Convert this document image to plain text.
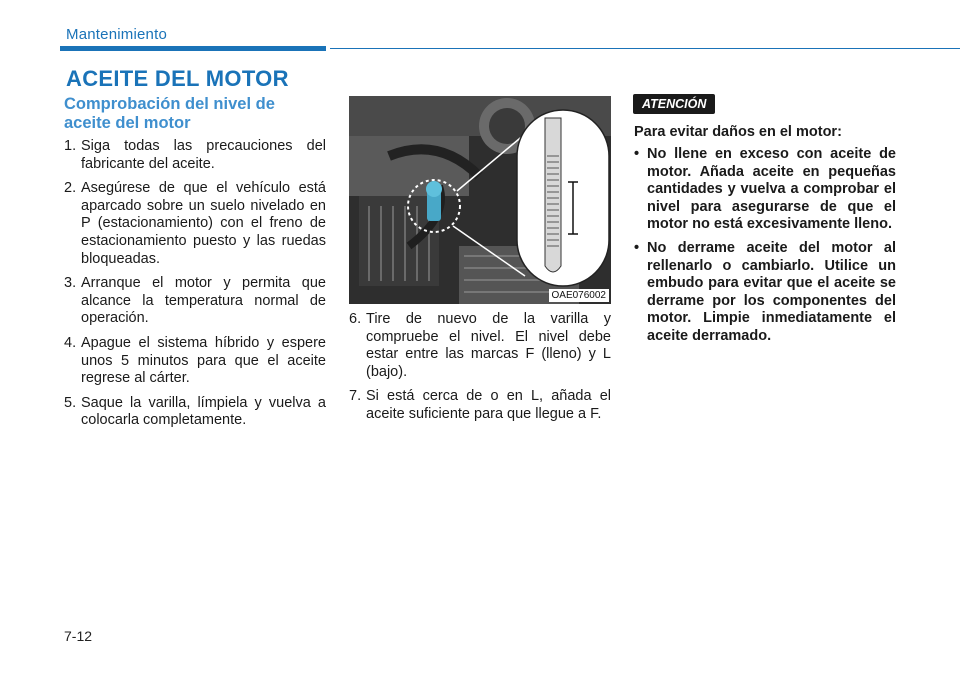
Mantenimiento
ACEITE DEL MOTOR
Comprobación del nivel de aceite del motor
1. Siga todas las precauciones del fabricante del aceite.
2. Asegúrese de que el vehículo está aparcado sobre un suelo nivelado en P (estacionamiento) con el freno de estacionamiento puesto y las ruedas bloqueadas.
3. Arranque el motor y permita que alcance la temperatura normal de operación.
4. Apague el sistema híbrido y espere unos 5 minutos para que el aceite regrese al cárter.
5. Saque la varilla, límpiela y vuelva a colocarla completamente.
OAE076002
6. Tire de nuevo de la varilla y compruebe el nivel. El nivel debe estar entre las marcas F (lleno) y L (bajo).
7. Si está cerca de o en L, añada el aceite suficiente para que llegue a F.
ATENCIÓN
Para evitar daños en el motor:
• No llene en exceso con aceite de motor. Añada aceite en pequeñas cantidades y vuelva a comprobar el nivel para asegurarse de que el motor no está excesivamente lleno.
• No derrame aceite del motor al rellenarlo o cambiarlo. Utilice un embudo para evitar que el aceite se derrame por los componentes del motor. Limpie inmediatamente el aceite derramado.
7-12
